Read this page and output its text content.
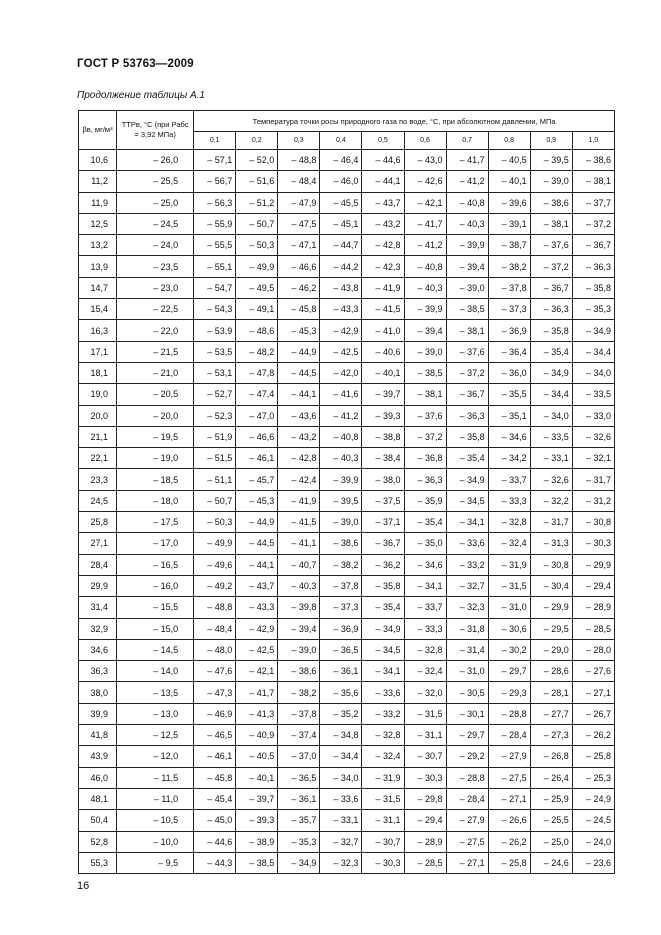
ГОСТ Р 53763—2009
Продолжение таблицы А.1
βв, мг/м³	ТТРв, °С (при Рабс = 3,92 МПа)	Температура точки росы природного газа по воде, °С, при абсолютном давлении, МПа									
		0,1	0,2	0,3	0,4	0,5	0,6	0,7	0,8	0,9	1,0
10,6	– 26,0	– 57,1	– 52,0	– 48,8	– 46,4	– 44,6	– 43,0	– 41,7	– 40,5	– 39,5	– 38,6
11,2	– 25,5	– 56,7	– 51,6	– 48,4	– 46,0	– 44,1	– 42,6	– 41,2	– 40,1	– 39,0	– 38,1
11,9	– 25,0	– 56,3	– 51,2	– 47,9	– 45,5	– 43,7	– 42,1	– 40,8	– 39,6	– 38,6	– 37,7
12,5	– 24,5	– 55,9	– 50,7	– 47,5	– 45,1	– 43,2	– 41,7	– 40,3	– 39,1	– 38,1	– 37,2
13,2	– 24,0	– 55,5	– 50,3	– 47,1	– 44,7	– 42,8	– 41,2	– 39,9	– 38,7	– 37,6	– 36,7
13,9	– 23,5	– 55,1	– 49,9	– 46,6	– 44,2	– 42,3	– 40,8	– 39,4	– 38,2	– 37,2	– 36,3
14,7	– 23,0	– 54,7	– 49,5	– 46,2	– 43,8	– 41,9	– 40,3	– 39,0	– 37,8	– 36,7	– 35,8
15,4	– 22,5	– 54,3	– 49,1	– 45,8	– 43,3	– 41,5	– 39,9	– 38,5	– 37,3	– 36,3	– 35,3
16,3	– 22,0	– 53,9	– 48,6	– 45,3	– 42,9	– 41,0	– 39,4	– 38,1	– 36,9	– 35,8	– 34,9
17,1	– 21,5	– 53,5	– 48,2	– 44,9	– 42,5	– 40,6	– 39,0	– 37,6	– 36,4	– 35,4	– 34,4
18,1	– 21,0	– 53,1	– 47,8	– 44,5	– 42,0	– 40,1	– 38,5	– 37,2	– 36,0	– 34,9	– 34,0
19,0	– 20,5	– 52,7	– 47,4	– 44,1	– 41,6	– 39,7	– 38,1	– 36,7	– 35,5	– 34,4	– 33,5
20,0	– 20,0	– 52,3	– 47,0	– 43,6	– 41,2	– 39,3	– 37,6	– 36,3	– 35,1	– 34,0	– 33,0
21,1	– 19,5	– 51,9	– 46,6	– 43,2	– 40,8	– 38,8	– 37,2	– 35,8	– 34,6	– 33,5	– 32,6
22,1	– 19,0	– 51,5	– 46,1	– 42,8	– 40,3	– 38,4	– 36,8	– 35,4	– 34,2	– 33,1	– 32,1
23,3	– 18,5	– 51,1	– 45,7	– 42,4	– 39,9	– 38,0	– 36,3	– 34,9	– 33,7	– 32,6	– 31,7
24,5	– 18,0	– 50,7	– 45,3	– 41,9	– 39,5	– 37,5	– 35,9	– 34,5	– 33,3	– 32,2	– 31,2
25,8	– 17,5	– 50,3	– 44,9	– 41,5	– 39,0	– 37,1	– 35,4	– 34,1	– 32,8	– 31,7	– 30,8
27,1	– 17,0	– 49,9	– 44,5	– 41,1	– 38,6	– 36,7	– 35,0	– 33,6	– 32,4	– 31,3	– 30,3
28,4	– 16,5	– 49,6	– 44,1	– 40,7	– 38,2	– 36,2	– 34,6	– 33,2	– 31,9	– 30,8	– 29,9
29,9	– 16,0	– 49,2	– 43,7	– 40,3	– 37,8	– 35,8	– 34,1	– 32,7	– 31,5	– 30,4	– 29,4
31,4	– 15,5	– 48,8	– 43,3	– 39,8	– 37,3	– 35,4	– 33,7	– 32,3	– 31,0	– 29,9	– 28,9
32,9	– 15,0	– 48,4	– 42,9	– 39,4	– 36,9	– 34,9	– 33,3	– 31,8	– 30,6	– 29,5	– 28,5
34,6	– 14,5	– 48,0	– 42,5	– 39,0	– 36,5	– 34,5	– 32,8	– 31,4	– 30,2	– 29,0	– 28,0
36,3	– 14,0	– 47,6	– 42,1	– 38,6	– 36,1	– 34,1	– 32,4	– 31,0	– 29,7	– 28,6	– 27,6
38,0	– 13,5	– 47,3	– 41,7	– 38,2	– 35,6	– 33,6	– 32,0	– 30,5	– 29,3	– 28,1	– 27,1
39,9	– 13,0	– 46,9	– 41,3	– 37,8	– 35,2	– 33,2	– 31,5	– 30,1	– 28,8	– 27,7	– 26,7
41,8	– 12,5	– 46,5	– 40,9	– 37,4	– 34,8	– 32,8	– 31,1	– 29,7	– 28,4	– 27,3	– 26,2
43,9	– 12,0	– 46,1	– 40,5	– 37,0	– 34,4	– 32,4	– 30,7	– 29,2	– 27,9	– 26,8	– 25,8
46,0	– 11,5	– 45,8	– 40,1	– 36,5	– 34,0	– 31,9	– 30,3	– 28,8	– 27,5	– 26,4	– 25,3
48,1	– 11,0	– 45,4	– 39,7	– 36,1	– 33,6	– 31,5	– 29,8	– 28,4	– 27,1	– 25,9	– 24,9
50,4	– 10,5	– 45,0	– 39,3	– 35,7	– 33,1	– 31,1	– 29,4	– 27,9	– 26,6	– 25,5	– 24,5
52,8	– 10,0	– 44,6	– 38,9	– 35,3	– 32,7	– 30,7	– 28,9	– 27,5	– 26,2	– 25,0	– 24,0
55,3	– 9,5	– 44,3	– 38,5	– 34,9	– 32,3	– 30,3	– 28,5	– 27,1	– 25,8	– 24,6	– 23,6
16
